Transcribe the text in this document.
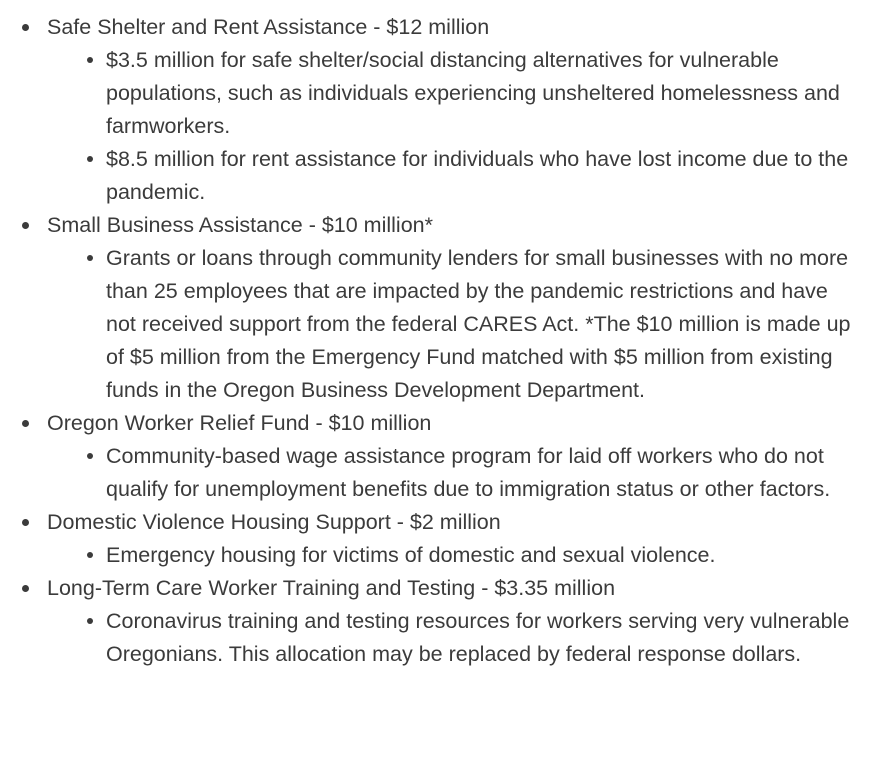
Safe Shelter and Rent Assistance - $12 million
$3.5 million for safe shelter/social distancing alternatives for vulnerable populations, such as individuals experiencing unsheltered homelessness and farmworkers.
$8.5 million for rent assistance for individuals who have lost income due to the pandemic.
Small Business Assistance - $10 million*
Grants or loans through community lenders for small businesses with no more than 25 employees that are impacted by the pandemic restrictions and have not received support from the federal CARES Act. *The $10 million is made up of $5 million from the Emergency Fund matched with $5 million from existing funds in the Oregon Business Development Department.
Oregon Worker Relief Fund - $10 million
Community-based wage assistance program for laid off workers who do not qualify for unemployment benefits due to immigration status or other factors.
Domestic Violence Housing Support - $2 million
Emergency housing for victims of domestic and sexual violence.
Long-Term Care Worker Training and Testing - $3.35 million
Coronavirus training and testing resources for workers serving very vulnerable Oregonians. This allocation may be replaced by federal response dollars.
